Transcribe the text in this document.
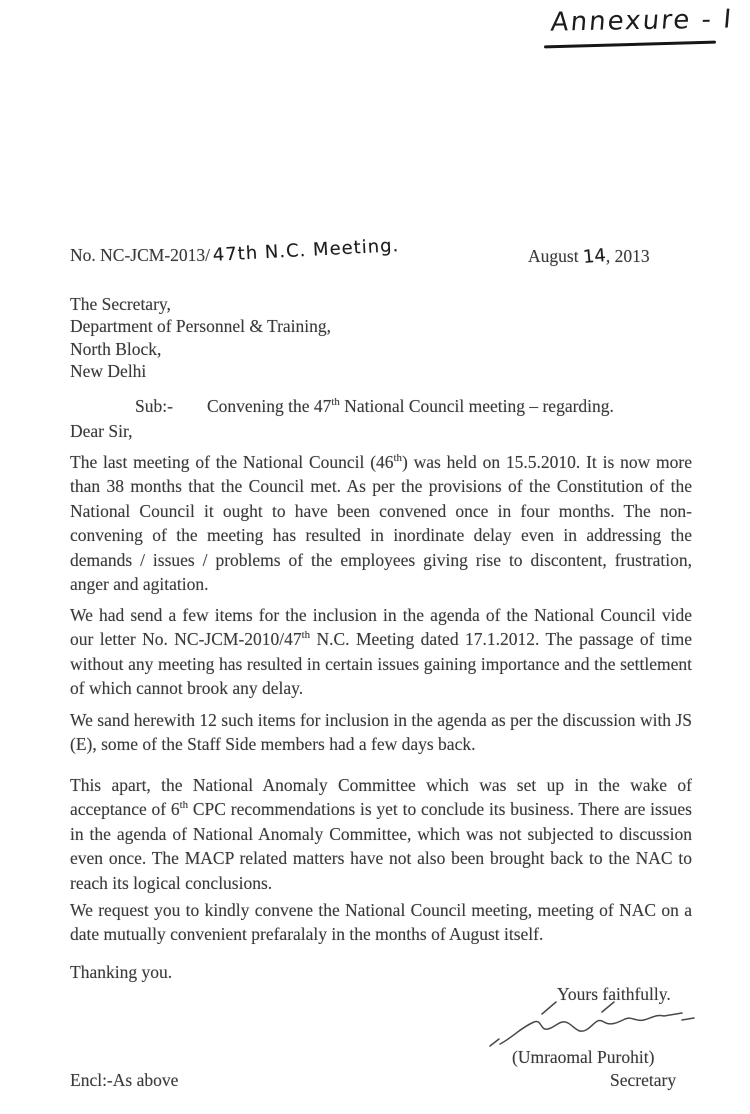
Annexure - I
No. NC-JCM-2013/ 47th N.C. Meeting.	August 14, 2013
The Secretary,
Department of Personnel & Training,
North Block,
New Delhi
Sub:- Convening the 47th National Council meeting – regarding.
Dear Sir,

The last meeting of the National Council (46th) was held on 15.5.2010. It is now more than 38 months that the Council met. As per the provisions of the Constitution of the National Council it ought to have been convened once in four months. The non-convening of the meeting has resulted in inordinate delay even in addressing the demands / issues / problems of the employees giving rise to discontent, frustration, anger and agitation.

We had send a few items for the inclusion in the agenda of the National Council vide our letter No. NC-JCM-2010/47th N.C. Meeting dated 17.1.2012. The passage of time without any meeting has resulted in certain issues gaining importance and the settlement of which cannot brook any delay.

We sand herewith 12 such items for inclusion in the agenda as per the discussion with JS (E), some of the Staff Side members had a few days back.

This apart, the National Anomaly Committee which was set up in the wake of acceptance of 6th CPC recommendations is yet to conclude its business. There are issues in the agenda of National Anomaly Committee, which was not subjected to discussion even once. The MACP related matters have not also been brought back to the NAC to reach its logical conclusions.

We request you to kindly convene the National Council meeting, meeting of NAC on a date mutually convenient prefaralaly in the months of August itself.

Thanking you.
Yours faithfully.
(Umraomal Purohit)
Secretary
Encl:-As above
